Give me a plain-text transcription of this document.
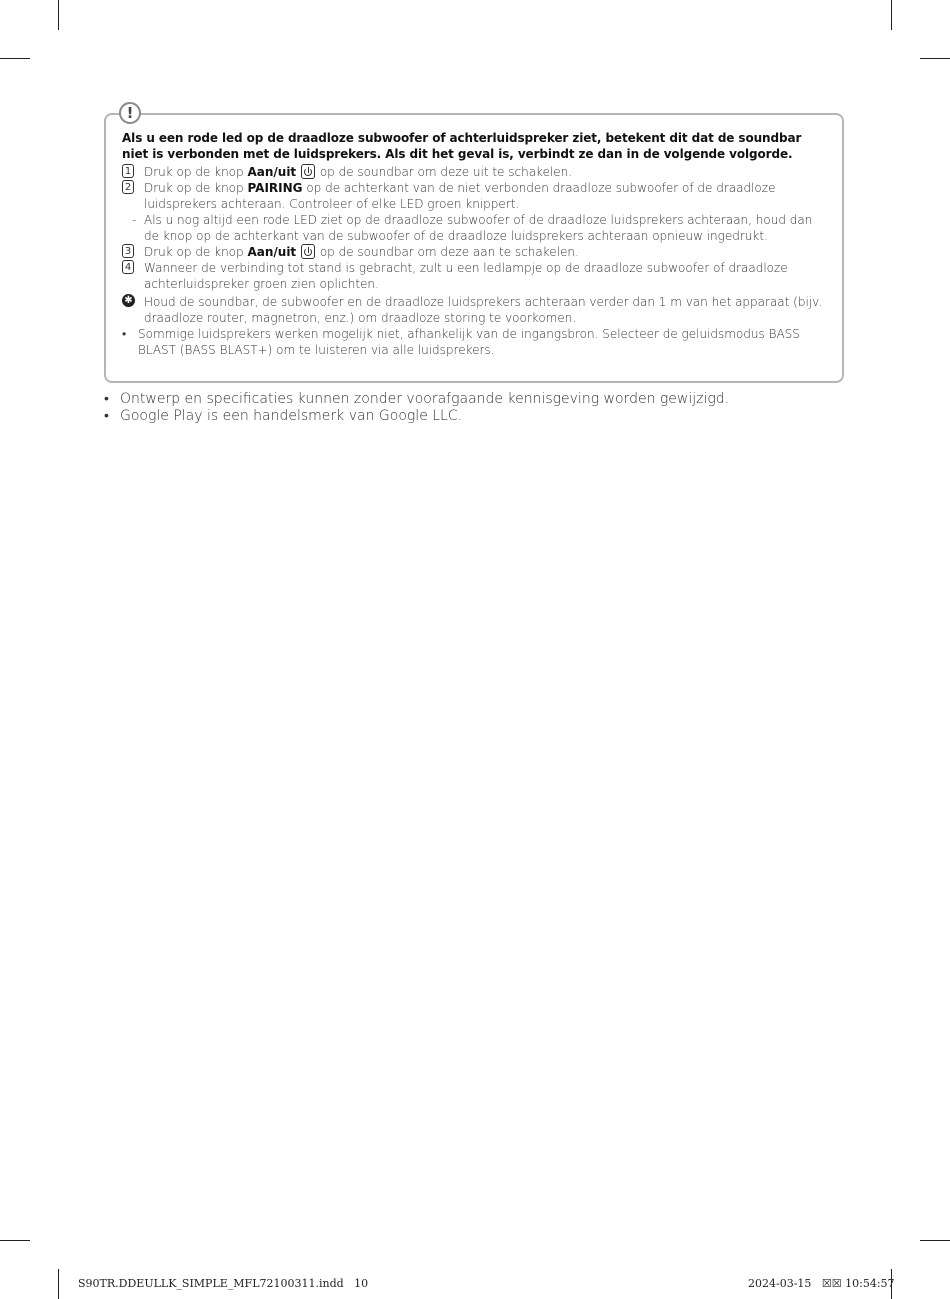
!

Als u een rode led op de draadloze subwoofer of achterluidspreker ziet, betekent dit dat de soundbar niet is verbonden met de luidsprekers. Als dit het geval is, verbindt ze dan in de volgende volgorde.

1 Druk op de knop Aan/uit  op de soundbar om deze uit te schakelen.
2 Druk op de knop PAIRING op de achterkant van de niet verbonden draadloze subwoofer of de draadloze luidsprekers achteraan. Controleer of elke LED groen knippert.
- Als u nog altijd een rode LED ziet op de draadloze subwoofer of de draadloze luidsprekers achteraan, houd dan de knop op de achterkant van de subwoofer of de draadloze luidsprekers achteraan opnieuw ingedrukt.
3 Druk op de knop Aan/uit  op de soundbar om deze aan te schakelen.
4 Wanneer de verbinding tot stand is gebracht, zult u een ledlampje op de draadloze subwoofer of draadloze achterluidspreker groen zien oplichten.
✱ Houd de soundbar, de subwoofer en de draadloze luidsprekers achteraan verder dan 1 m van het apparaat (bijv. draadloze router, magnetron, enz.) om draadloze storing te voorkomen.
• Sommige luidsprekers werken mogelijk niet, afhankelijk van de ingangsbron. Selecteer de geluidsmodus BASS BLAST (BASS BLAST+) om te luisteren via alle luidsprekers.
• Ontwerp en specificaties kunnen zonder voorafgaande kennisgeving worden gewijzigd.
• Google Play is een handelsmerk van Google LLC.
S90TR.DDEULLK_SIMPLE_MFL72100311.indd   10	2024-03-15   ☒☒ 10:54:57
